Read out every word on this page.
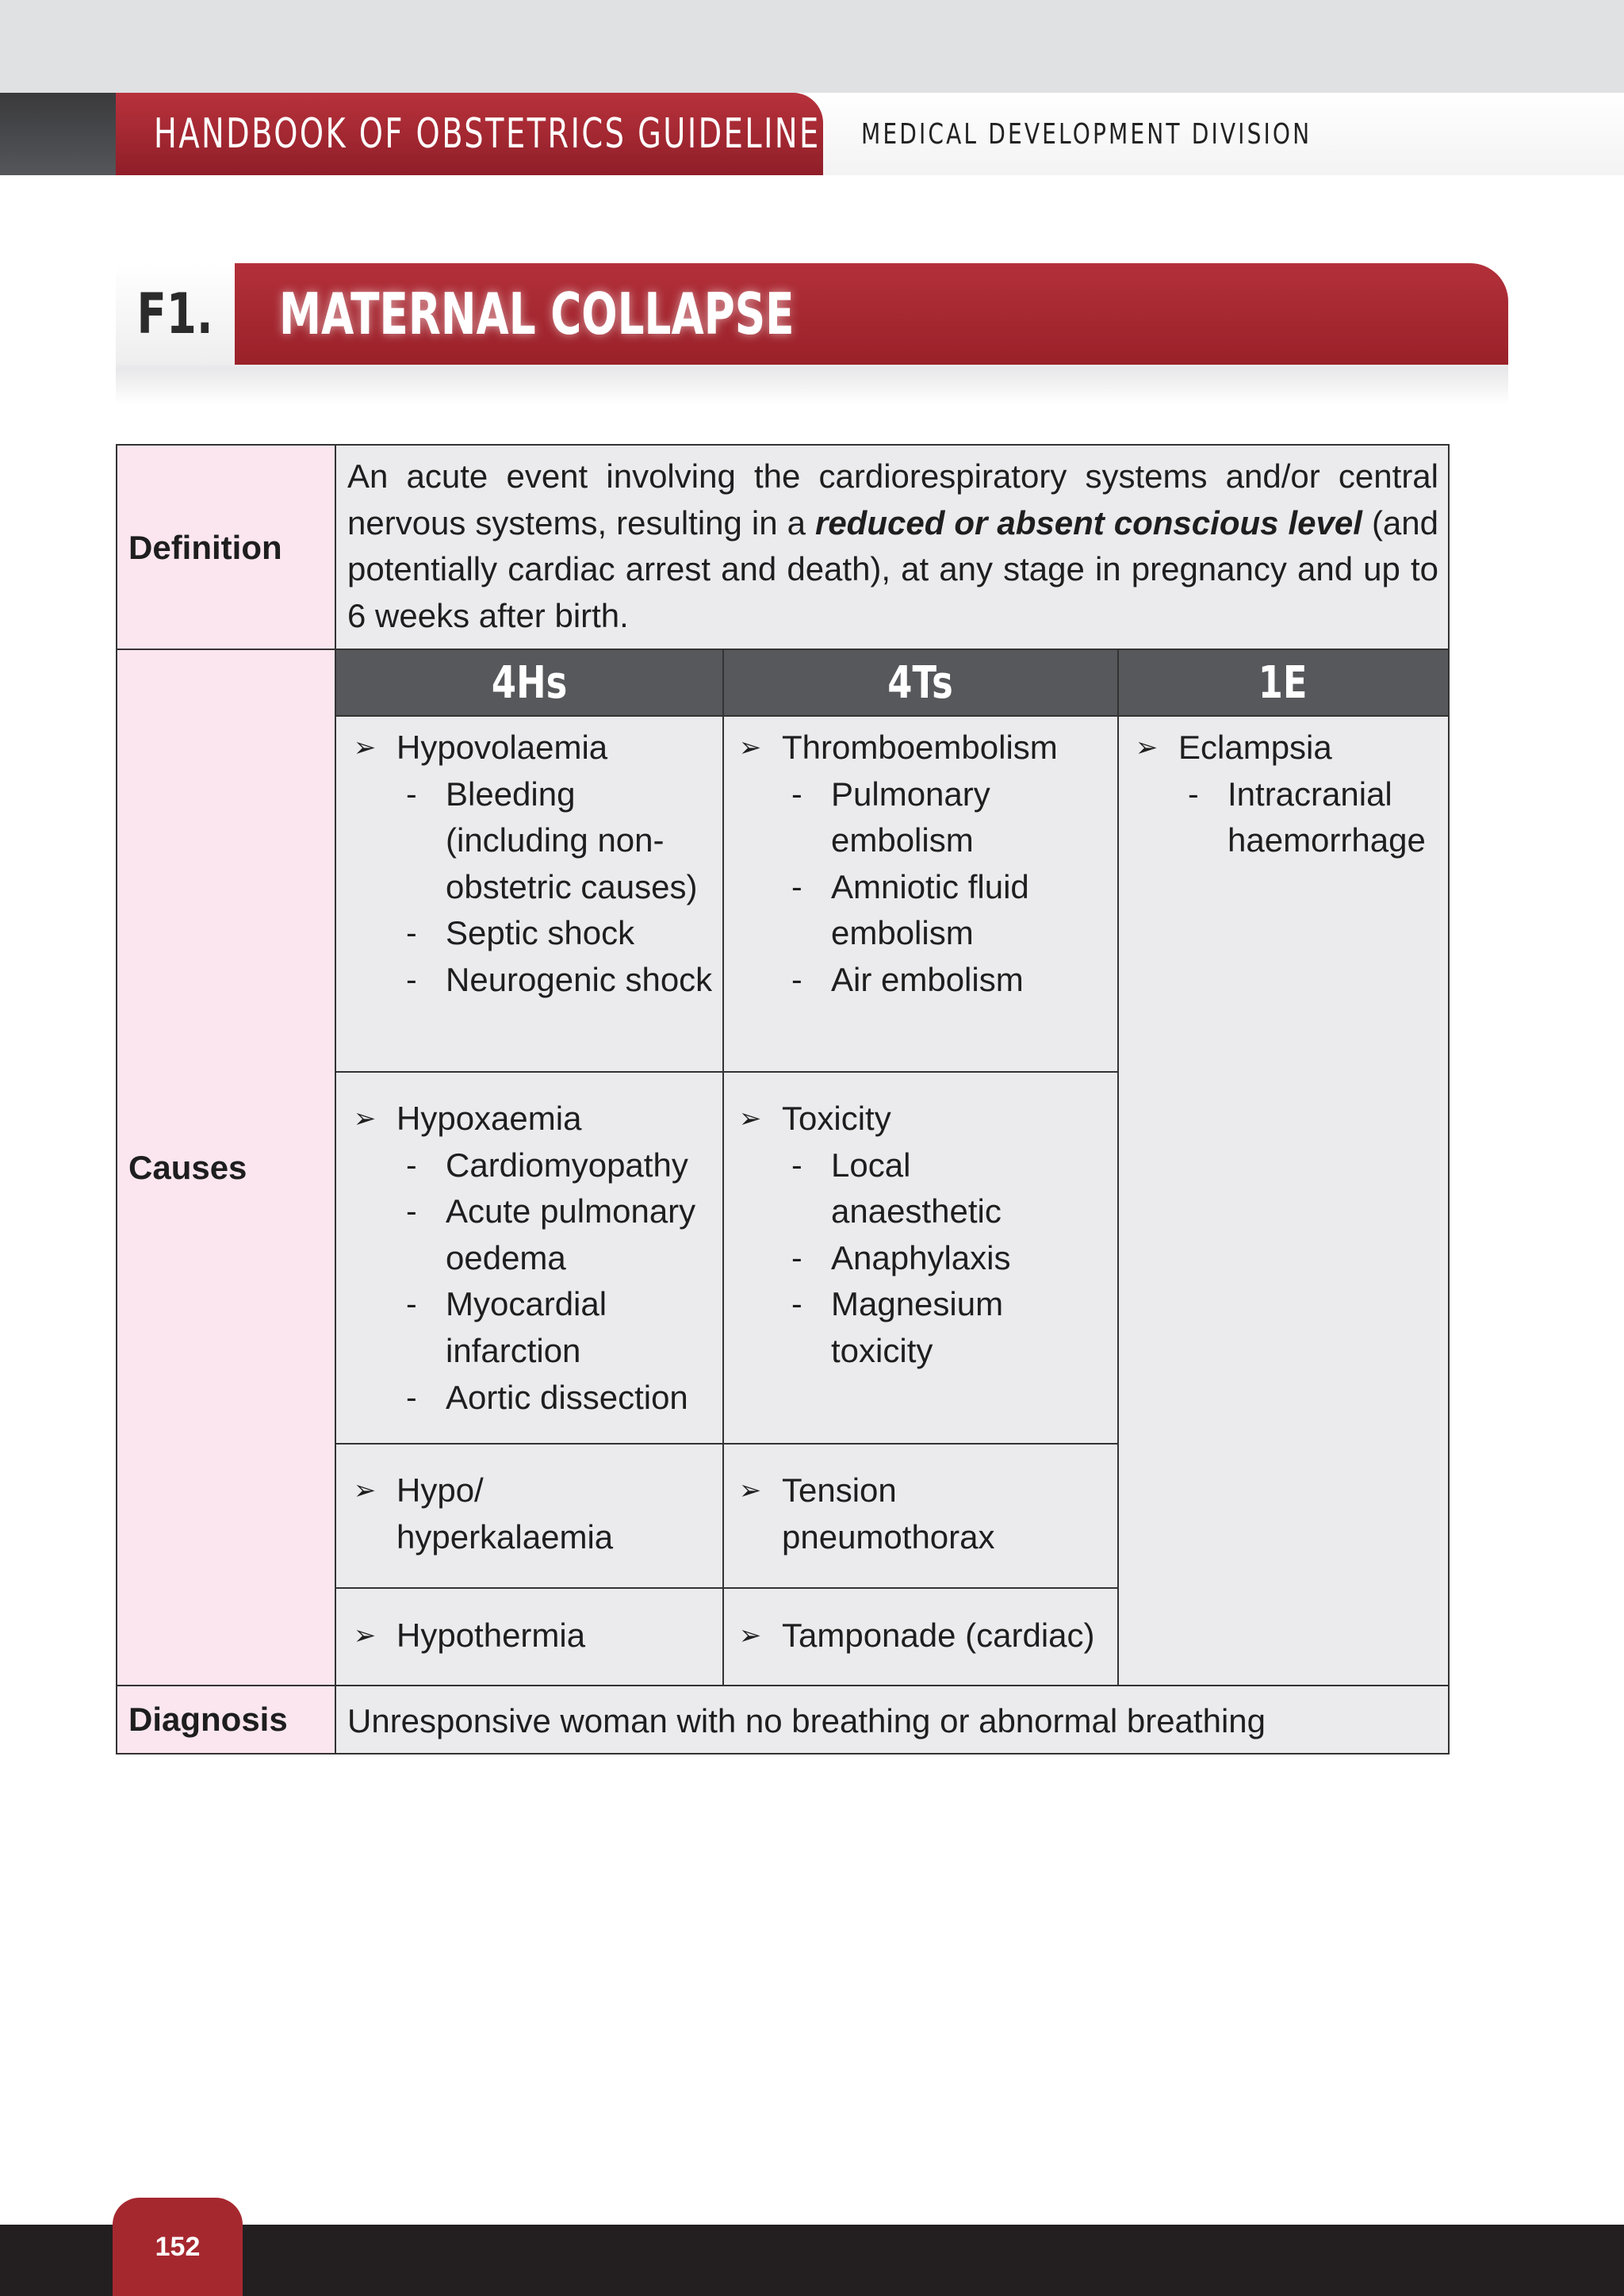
HANDBOOK OF OBSTETRICS GUIDELINE MEDICAL DEVELOPMENT DIVISION
F1. MATERNAL COLLAPSE
Definition
Causes
Diagnosis
An acute event involving the cardiorespiratory systems and/or central nervous systems, resulting in a reduced or absent conscious level (and potentially cardiac arrest and death), at any stage in pregnancy and up to 6 weeks after birth.
4Hs	4Ts	1E
➢ Hypovolaemia
- Bleeding (including non-obstetric causes)
- Septic shock
- Neurogenic shock
➢ Hypoxaemia
- Cardiomyopathy
- Acute pulmonary oedema
- Myocardial infarction
- Aortic dissection
➢ Hypo/ hyperkalaemia
➢ Hypothermia
➢ Thromboembolism
- Pulmonary embolism
- Amniotic fluid embolism
- Air embolism
➢ Toxicity
- Local anaesthetic
- Anaphylaxis
- Magnesium toxicity
➢ Tension pneumothorax
➢ Tamponade (cardiac)
➢ Eclampsia
- Intracranial haemorrhage
Unresponsive woman with no breathing or abnormal breathing
152
